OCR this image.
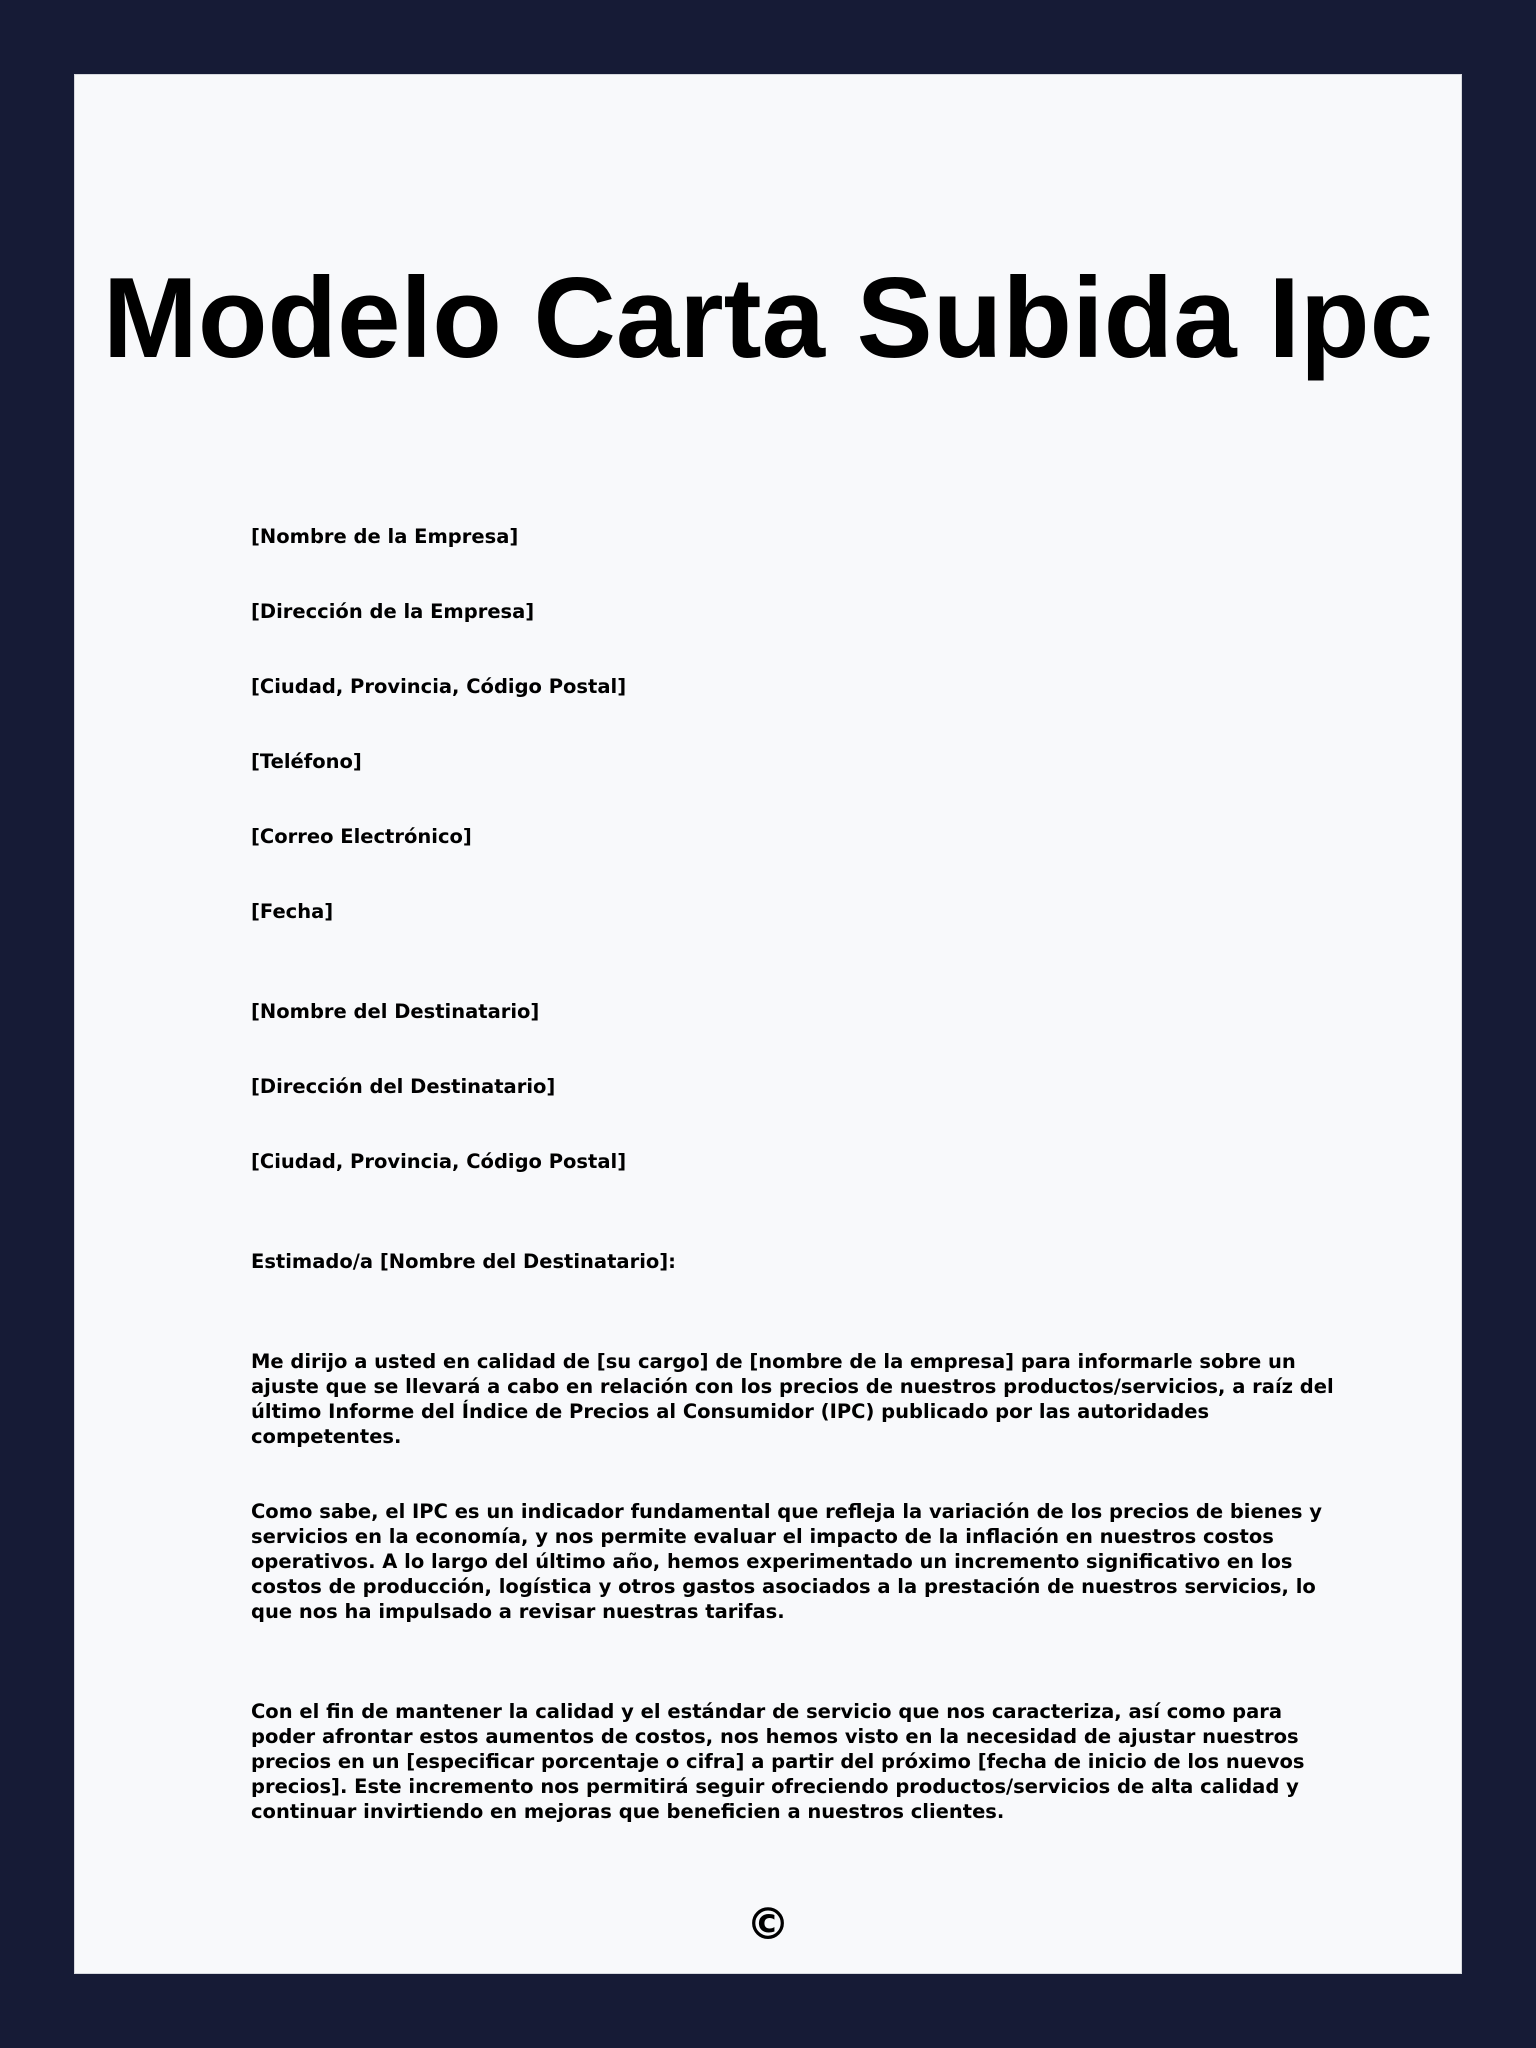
Modelo Carta Subida Ipc
[Nombre de la Empresa]
[Dirección de la Empresa]
[Ciudad, Provincia, Código Postal]
[Teléfono]
[Correo Electrónico]
[Fecha]
[Nombre del Destinatario]
[Dirección del Destinatario]
[Ciudad, Provincia, Código Postal]
Estimado/a [Nombre del Destinatario]:
Me dirijo a usted en calidad de [su cargo] de [nombre de la empresa] para informarle sobre un ajuste que se llevará a cabo en relación con los precios de nuestros productos/servicios, a raíz del último Informe del Índice de Precios al Consumidor (IPC) publicado por las autoridades competentes.
Como sabe, el IPC es un indicador fundamental que refleja la variación de los precios de bienes y servicios en la economía, y nos permite evaluar el impacto de la inflación en nuestros costos operativos. A lo largo del último año, hemos experimentado un incremento significativo en los costos de producción, logística y otros gastos asociados a la prestación de nuestros servicios, lo que nos ha impulsado a revisar nuestras tarifas.
Con el fin de mantener la calidad y el estándar de servicio que nos caracteriza, así como para poder afrontar estos aumentos de costos, nos hemos visto en la necesidad de ajustar nuestros precios en un [especificar porcentaje o cifra] a partir del próximo [fecha de inicio de los nuevos precios]. Este incremento nos permitirá seguir ofreciendo productos/servicios de alta calidad y continuar invirtiendo en mejoras que beneficien a nuestros clientes.
©
